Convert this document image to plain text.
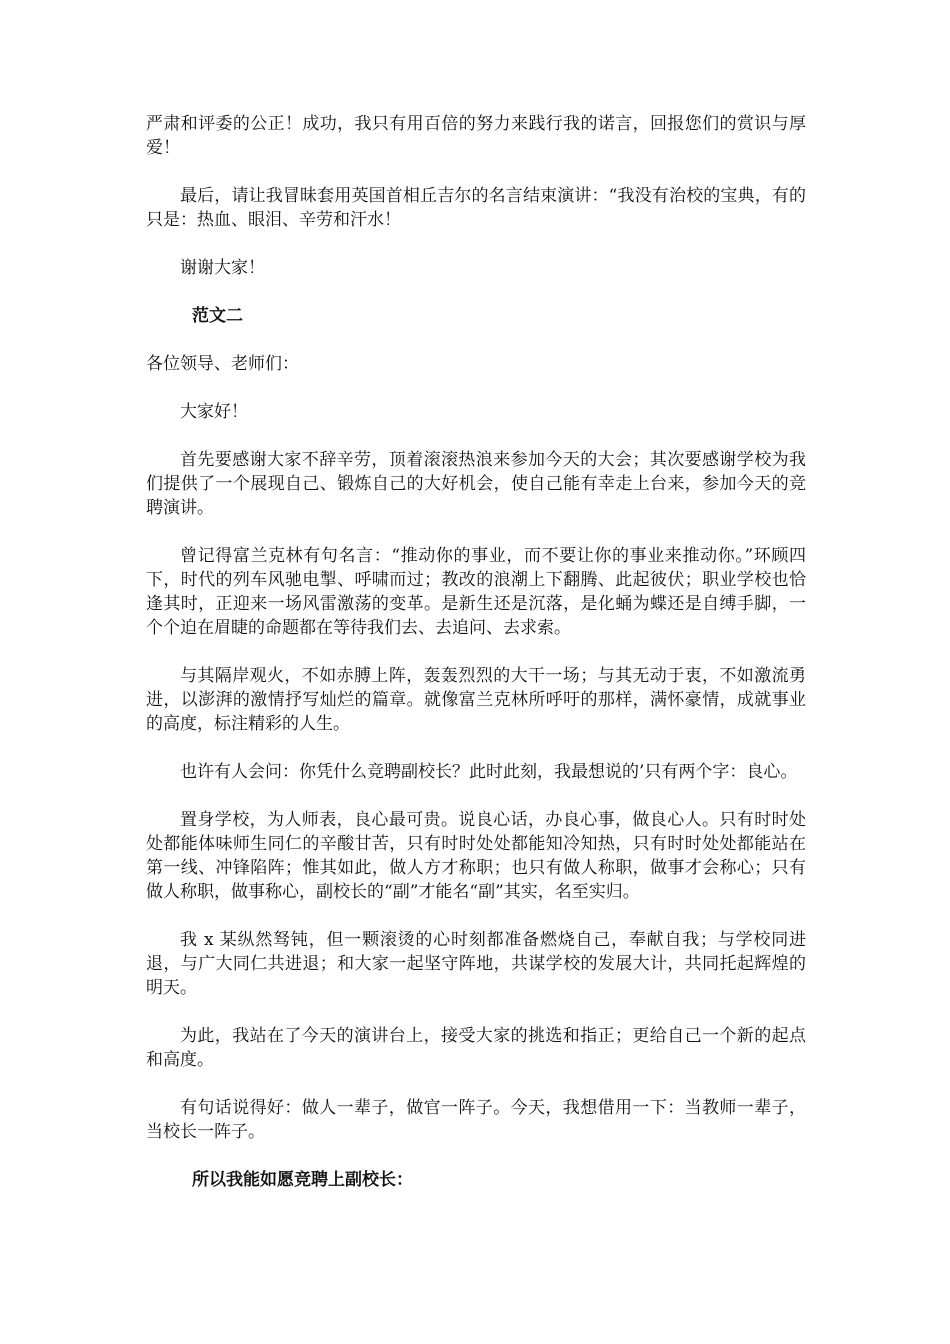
严肃和评委的公正！成功，我只有用百倍的努力来践行我的诺言，回报您们的赏识与厚爱！

最后，请让我冒昧套用英国首相丘吉尔的名言结束演讲：“我没有治校的宝典，有的只是：热血、眼泪、辛劳和汗水！

谢谢大家！

范文二

各位领导、老师们：

大家好！

首先要感谢大家不辞辛劳，顶着滚滚热浪来参加今天的大会；其次要感谢学校为我们提供了一个展现自己、锻炼自己的大好机会，使自己能有幸走上台来，参加今天的竞聘演讲。

曾记得富兰克林有句名言：“推动你的事业，而不要让你的事业来推动你。”环顾四下，时代的列车风驰电掣、呼啸而过；教改的浪潮上下翻腾、此起彼伏；职业学校也恰逢其时，正迎来一场风雷激荡的变革。是新生还是沉落，是化蛹为蝶还是自缚手脚，一个个迫在眉睫的命题都在等待我们去、去追问、去求索。

与其隔岸观火，不如赤膊上阵，轰轰烈烈的大干一场；与其无动于衷，不如激流勇进，以澎湃的激情抒写灿烂的篇章。就像富兰克林所呼吁的那样，满怀豪情，成就事业的高度，标注精彩的人生。

也许有人会问：你凭什么竞聘副校长？此时此刻，我最想说的’只有两个字：良心。

置身学校，为人师表，良心最可贵。说良心话，办良心事，做良心人。只有时时处处都能体味师生同仁的辛酸甘苦，只有时时处处都能知冷知热，只有时时处处都能站在第一线、冲锋陷阵；惟其如此，做人方才称职；也只有做人称职，做事才会称心；只有做人称职，做事称心，副校长的“副”才能名“副”其实，名至实归。

我 x 某纵然驽钝，但一颗滚烫的心时刻都准备燃烧自己，奉献自我；与学校同进退，与广大同仁共进退；和大家一起坚守阵地，共谋学校的发展大计，共同托起辉煌的明天。

为此，我站在了今天的演讲台上，接受大家的挑选和指正；更给自己一个新的起点和高度。

有句话说得好：做人一辈子，做官一阵子。今天，我想借用一下：当教师一辈子，当校长一阵子。

所以我能如愿竞聘上副校长：
